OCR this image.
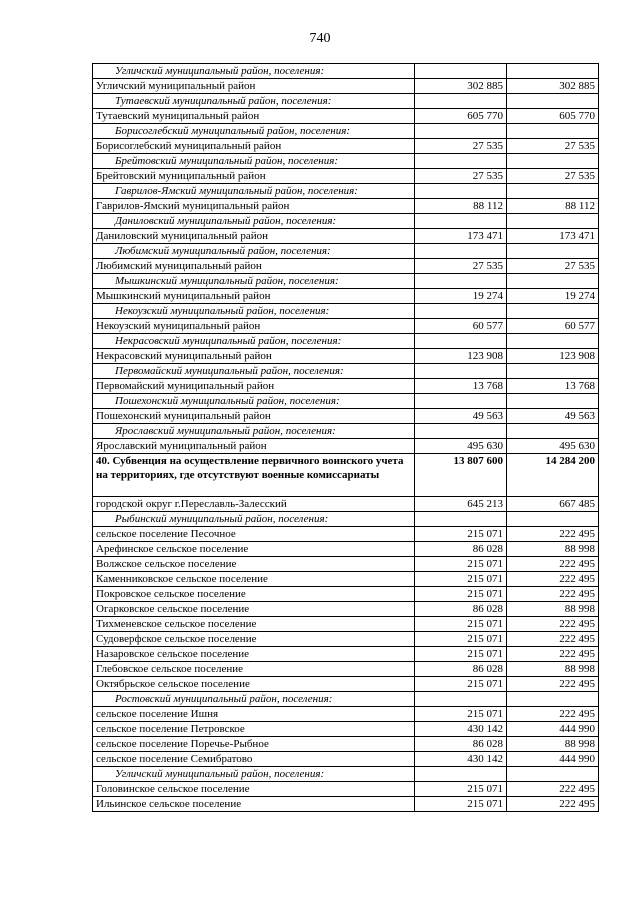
740
Угличский муниципальный район, поселения:		
Угличский муниципальный район	302 885	302 885
Тутаевский муниципальный район, поселения:		
Тутаевский муниципальный район	605 770	605 770
Борисоглебский муниципальный район, поселения:		
Борисоглебский муниципальный район	27 535	27 535
Брейтовский муниципальный район, поселения:		
Брейтовский муниципальный район	27 535	27 535
Гаврилов-Ямский муниципальный район, поселения:		
Гаврилов-Ямский муниципальный район	88 112	88 112
Даниловский муниципальный район, поселения:		
Даниловский муниципальный район	173 471	173 471
Любимский муниципальный район, поселения:		
Любимский муниципальный район	27 535	27 535
Мышкинский муниципальный район, поселения:		
Мышкинский муниципальный район	19 274	19 274
Некоузский муниципальный район, поселения:		
Некоузский муниципальный район	60 577	60 577
Некрасовский муниципальный район, поселения:		
Некрасовский муниципальный район	123 908	123 908
Первомайский муниципальный район, поселения:		
Первомайский муниципальный район	13 768	13 768
Пошехонский муниципальный район, поселения:		
Пошехонский муниципальный район	49 563	49 563
Ярославский муниципальный район, поселения:		
Ярославский муниципальный район	495 630	495 630
40. Субвенция на осуществление первичного воинского учета на территориях, где отсутствуют военные комиссариаты	13 807 600	14 284 200
городской округ г.Переславль-Залесский	645 213	667 485
Рыбинский муниципальный район, поселения:		
сельское поселение Песочное	215 071	222 495
Арефинское сельское поселение	86 028	88 998
Волжское сельское поселение	215 071	222 495
Каменниковское сельское поселение	215 071	222 495
Покровское сельское поселение	215 071	222 495
Огарковское сельское поселение	86 028	88 998
Тихменевское сельское поселение	215 071	222 495
Судоверфское сельское поселение	215 071	222 495
Назаровское сельское поселение	215 071	222 495
Глебовское сельское поселение	86 028	88 998
Октябрьское сельское поселение	215 071	222 495
Ростовский муниципальный район, поселения:		
сельское поселение Ишня	215 071	222 495
сельское поселение Петровское	430 142	444 990
сельское поселение Поречье-Рыбное	86 028	88 998
сельское поселение Семибратово	430 142	444 990
Угличский муниципальный район, поселения:		
Головинское сельское поселение	215 071	222 495
Ильинское сельское поселение	215 071	222 495
